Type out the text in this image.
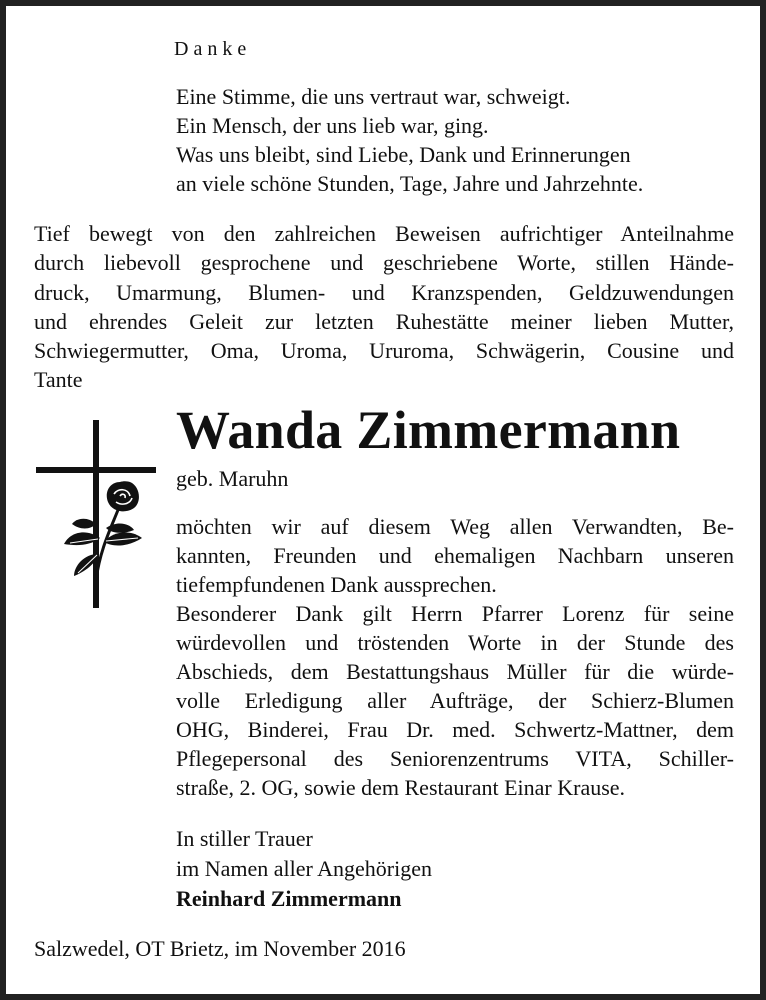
Danke
Eine Stimme, die uns vertraut war, schweigt.
Ein Mensch, der uns lieb war, ging.
Was uns bleibt, sind Liebe, Dank und Erinnerungen
an viele schöne Stunden, Tage, Jahre und Jahrzehnte.
Tief bewegt von den zahlreichen Beweisen aufrichtiger Anteilnahme
durch liebevoll gesprochene und geschriebene Worte, stillen Hände-
druck, Umarmung, Blumen- und Kranzspenden, Geldzuwendungen
und ehrendes Geleit zur letzten Ruhestätte meiner lieben Mutter,
Schwiegermutter, Oma, Uroma, Ururoma, Schwägerin, Cousine und
Tante
Wanda Zimmermann
geb. Maruhn
möchten wir auf diesem Weg allen Verwandten, Be-
kannten, Freunden und ehemaligen Nachbarn unseren
tiefempfundenen Dank aussprechen.
Besonderer Dank gilt Herrn Pfarrer Lorenz für seine
würdevollen und tröstenden Worte in der Stunde des
Abschieds, dem Bestattungshaus Müller für die würde-
volle Erledigung aller Aufträge, der Schierz-Blumen
OHG, Binderei, Frau Dr. med. Schwertz-Mattner, dem
Pflegepersonal des Seniorenzentrums VITA, Schiller-
straße, 2. OG, sowie dem Restaurant Einar Krause.
In stiller Trauer
im Namen aller Angehörigen
Reinhard Zimmermann
Salzwedel, OT Brietz, im November 2016
